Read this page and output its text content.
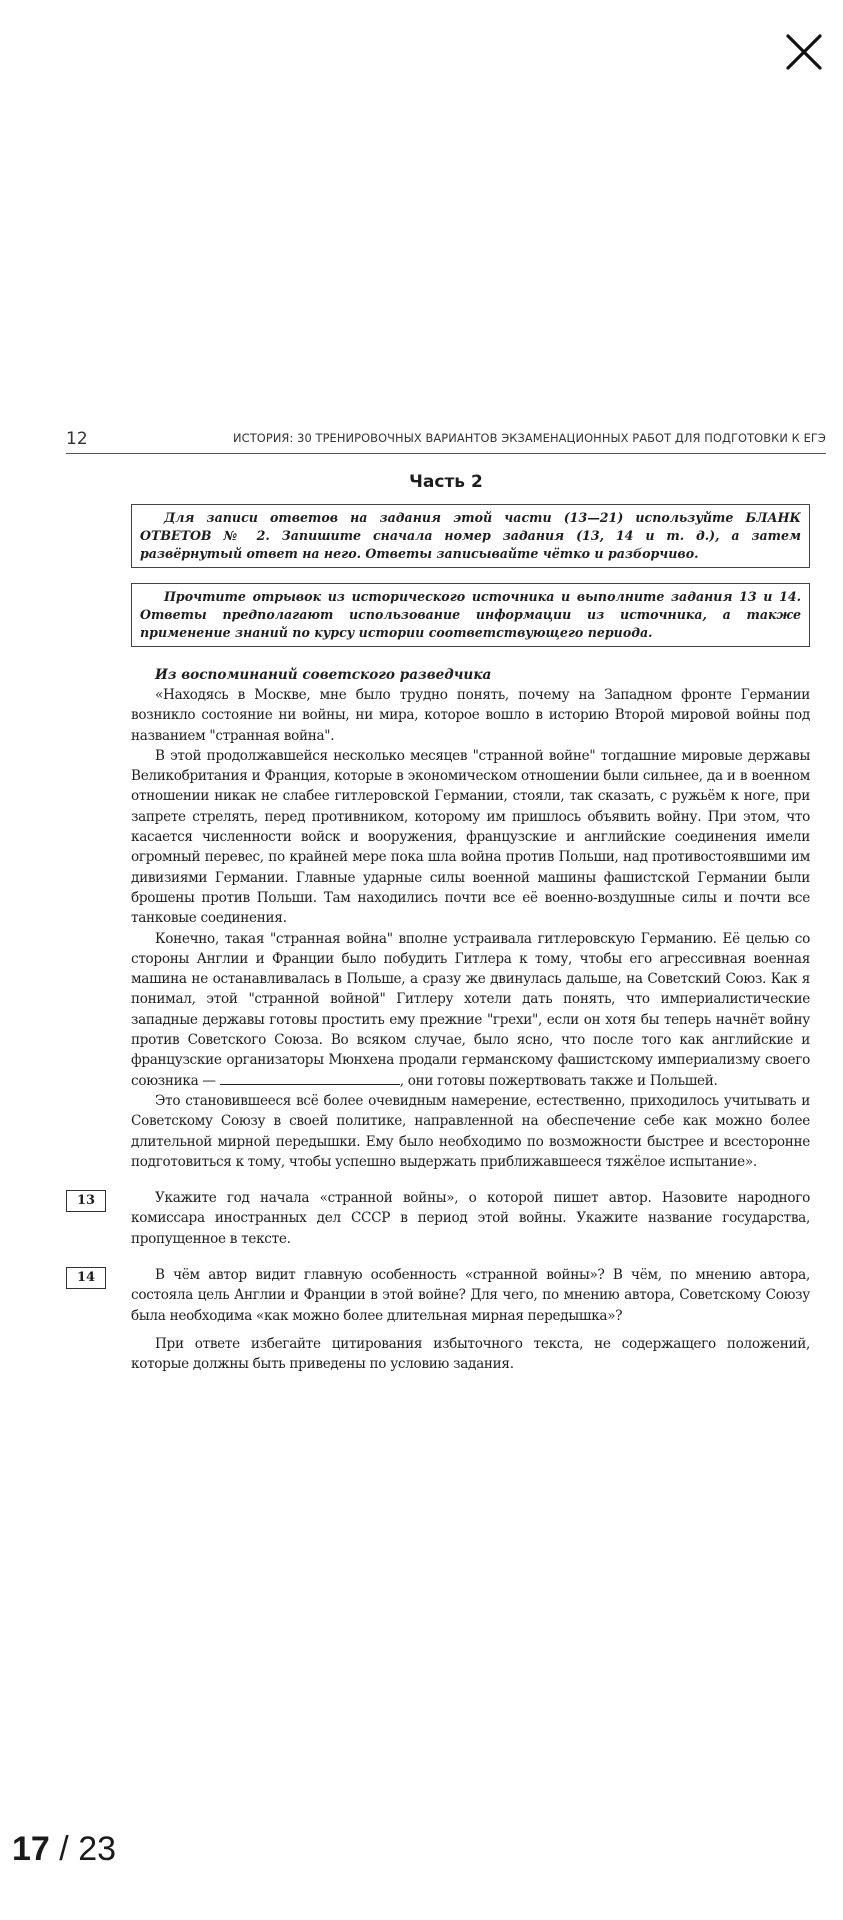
12	ИСТОРИЯ: 30 ТРЕНИРОВОЧНЫХ ВАРИАНТОВ ЭКЗАМЕНАЦИОННЫХ РАБОТ ДЛЯ ПОДГОТОВКИ К ЕГЭ
Часть 2
Для записи ответов на задания этой части (13—21) используйте БЛАНК ОТВЕТОВ № 2. Запишите сначала номер задания (13, 14 и т. д.), а затем развёрнутый ответ на него. Ответы записывайте чётко и разборчиво.
Прочтите отрывок из исторического источника и выполните задания 13 и 14. Ответы предполагают использование информации из источника, а также применение знаний по курсу истории соответствующего периода.
Из воспоминаний советского разведчика

«Находясь в Москве, мне было трудно понять, почему на Западном фронте Германии возникло состояние ни войны, ни мира, которое вошло в историю Второй мировой войны под названием "странная война".

В этой продолжавшейся несколько месяцев "странной войне" тогдашние мировые державы Великобритания и Франция, которые в экономическом отношении были сильнее, да и в военном отношении никак не слабее гитлеровской Германии, стояли, так сказать, с ружьём к ноге, при запрете стрелять, перед противником, которому им пришлось объявить войну. При этом, что касается численности войск и вооружения, французские и английские соединения имели огромный перевес, по крайней мере пока шла война против Польши, над противостоявшими им дивизиями Германии. Главные ударные силы военной машины фашистской Германии были брошены против Польши. Там находились почти все её военно-воздушные силы и почти все танковые соединения.

Конечно, такая "странная война" вполне устраивала гитлеровскую Германию. Её целью со стороны Англии и Франции было побудить Гитлера к тому, чтобы его агрессивная военная машина не останавливалась в Польше, а сразу же двинулась дальше, на Советский Союз. Как я понимал, этой "странной войной" Гитлеру хотели дать понять, что империалистические западные державы готовы простить ему прежние "грехи", если он хотя бы теперь начнёт войну против Советского Союза. Во всяком случае, было ясно, что после того как английские и французские организаторы Мюнхена продали германскому фашистскому империализму своего союзника —	, они готовы пожертвовать также и Польшей.

Это становившееся всё более очевидным намерение, естественно, приходилось учитывать и Советскому Союзу в своей политике, направленной на обеспечение себе как можно более длительной мирной передышки. Ему было необходимо по возможности быстрее и всесторонне подготовиться к тому, чтобы успешно выдержать приближавшееся тяжёлое испытание».

13	Укажите год начала «странной войны», о которой пишет автор. Назовите народного комиссара иностранных дел СССР в период этой войны. Укажите название государства, пропущенное в тексте.

14	В чём автор видит главную особенность «странной войны»? В чём, по мнению автора, состояла цель Англии и Франции в этой войне? Для чего, по мнению автора, Советскому Союзу была необходима «как можно более длительная мирная передышка»?

При ответе избегайте цитирования избыточного текста, не содержащего положений, которые должны быть приведены по условию задания.

17 / 23
